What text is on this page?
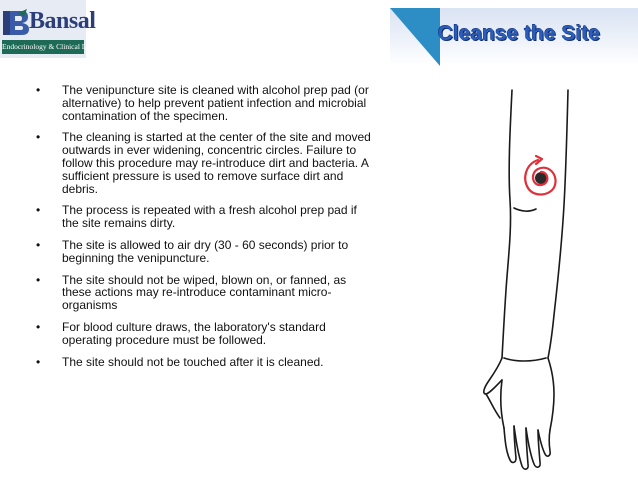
Bansal
Endocrinology & Clinical Lab
Cleanse the Site
•	The venipuncture site is cleaned with alcohol prep pad (or alternative) to help prevent patient infection and microbial contamination of the specimen.
•	The cleaning is started at the center of the site and moved outwards in ever widening, concentric circles. Failure to follow this procedure may re-introduce dirt and bacteria. A sufficient pressure is used to remove surface dirt and debris.
•	The process is repeated with a fresh alcohol prep pad if the site remains dirty.
•	The site is allowed to air dry (30 - 60 seconds) prior to beginning the venipuncture.
•	The site should not be wiped, blown on, or fanned, as these actions may re-introduce contaminant micro-organisms
•	For blood culture draws, the laboratory's standard operating procedure must be followed.
•	The site should not be touched after it is cleaned.
